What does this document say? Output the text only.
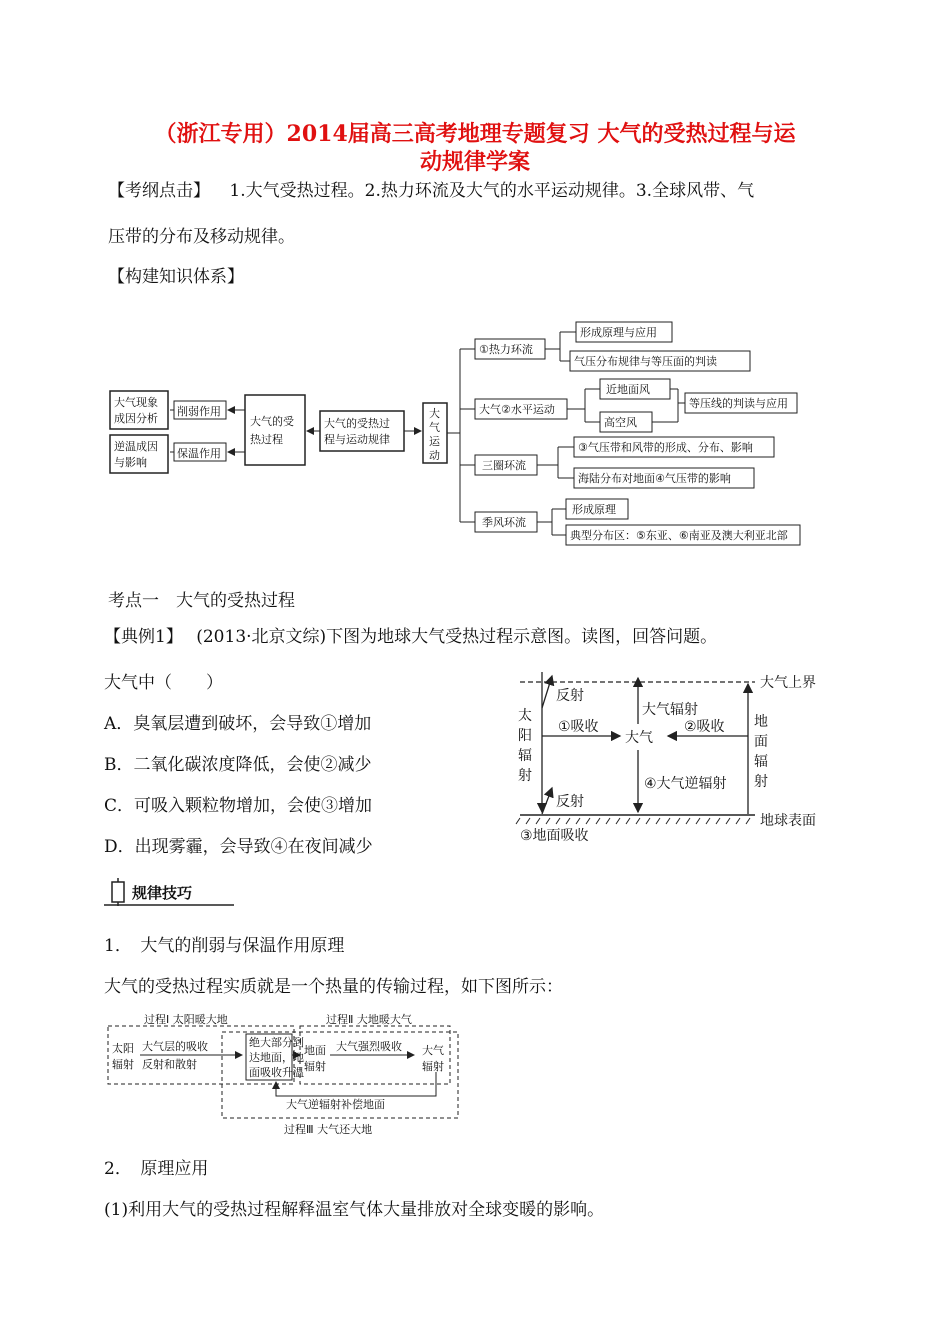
（浙江专用）2014届高三高考地理专题复习 大气的受热过程与运
动规律学案
【考纲点击】 1.大气受热过程。2.热力环流及大气的水平运动规律。3.全球风带、气
压带的分布及移动规律。
【构建知识体系】
大气现象
成因分析
逆温成因
与影响
削弱作用
保温作用
大气的受
热过程
大气的受热过
程与运动规律
大
气
运
动
①热力环流
形成原理与应用
气压分布规律与等压面的判读
大气②水平运动
近地面风
高空风
等压线的判读与应用
三圈环流
③气压带和风带的形成、分布、影响
海陆分布对地面④气压带的影响
季风环流
形成原理
典型分布区：⑤东亚、⑥南亚及澳大利亚北部
考点一　大气的受热过程
【典例1】 (2013·北京文综)下图为地球大气受热过程示意图。读图，回答问题。
大气中（　　）
A．臭氧层遭到破坏，会导致①增加
B．二氧化碳浓度降低，会使②减少
C．可吸入颗粒物增加，会使③增加
D．出现雾霾，会导致④在夜间减少
大气上界
地球表面
太
阳
辐
射
地
面
辐
射
反射
反射
①吸收	②吸收
大气
大气辐射
④大气逆辐射
③地面吸收
规律技巧
1．　大气的削弱与保温作用原理
大气的受热过程实质就是一个热量的传输过程，如下图所示：
过程Ⅰ 太阳暖大地	过程Ⅱ 大地暖大气
过程Ⅲ 大气还大地
太阳
辐射
大气层的吸收
反射和散射
绝大部分到
达地面，地
面吸收升温
地面
辐射
大气强烈吸收 大气
辐射
大气逆辐射补偿地面
2．　原理应用
(1)利用大气的受热过程解释温室气体大量排放对全球变暖的影响。
